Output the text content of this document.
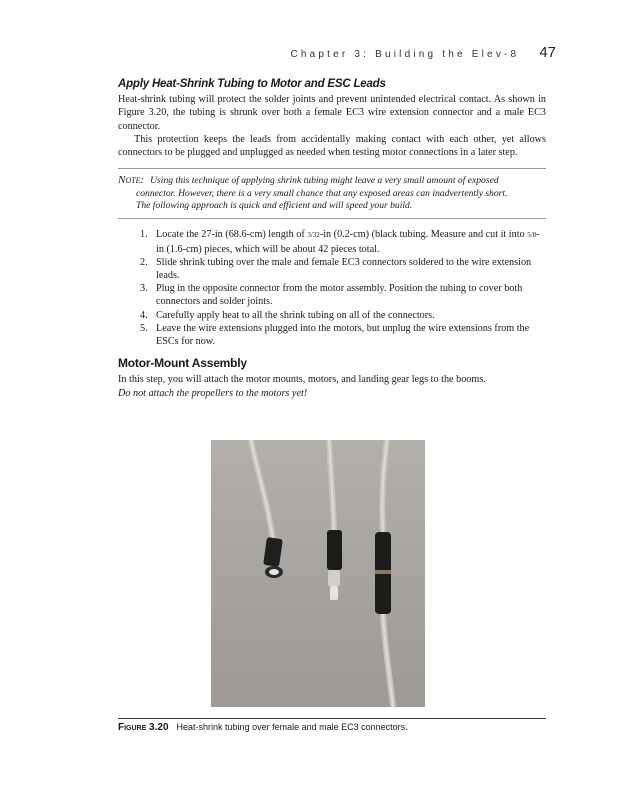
Chapter 3: Building the Elev-8 47
Apply Heat-Shrink Tubing to Motor and ESC Leads

Heat-shrink tubing will protect the solder joints and prevent unintended electrical contact. As shown in Figure 3.20, the tubing is shrunk over both a female EC3 wire extension connector and a male EC3 connector.

This protection keeps the leads from accidentally making contact with each other, yet allows connectors to be plugged and unplugged as needed when testing motor connections in a later step.

Note: Using this technique of applying shrink tubing might leave a very small amount of exposed
connector. However, there is a very small chance that any exposed areas can inadvertently short.
The following approach is quick and efficient and will speed your build.
1. Locate the 27-in (68.6-cm) length of 3/32-in (0.2-cm) (black tubing. Measure and cut it into 5/8-in (1.6-cm) pieces, which will be about 42 pieces total.
2. Slide shrink tubing over the male and female EC3 connectors soldered to the wire extension leads.
3. Plug in the opposite connector from the motor assembly. Position the tubing to cover both connectors and solder joints.
4. Carefully apply heat to all the shrink tubing on all of the connectors.
5. Leave the wire extensions plugged into the motors, but unplug the wire extensions from the ESCs for now.
Motor-Mount Assembly

In this step, you will attach the motor mounts, motors, and landing gear legs to the booms.

Do not attach the propellers to the motors yet!

Figure 3.20 Heat-shrink tubing over female and male EC3 connectors.
